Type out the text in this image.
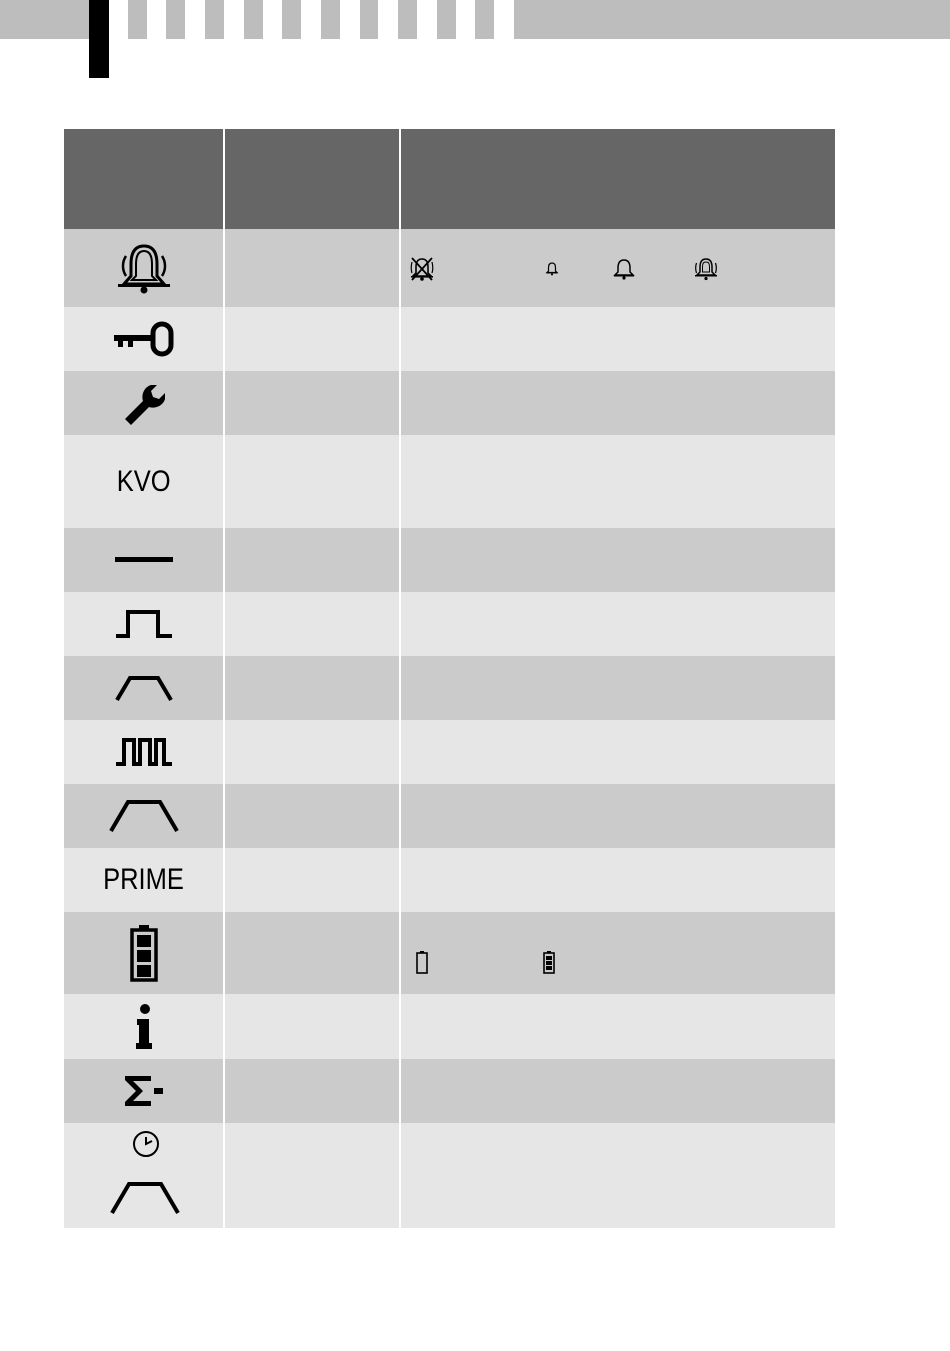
KVO
PRIME
